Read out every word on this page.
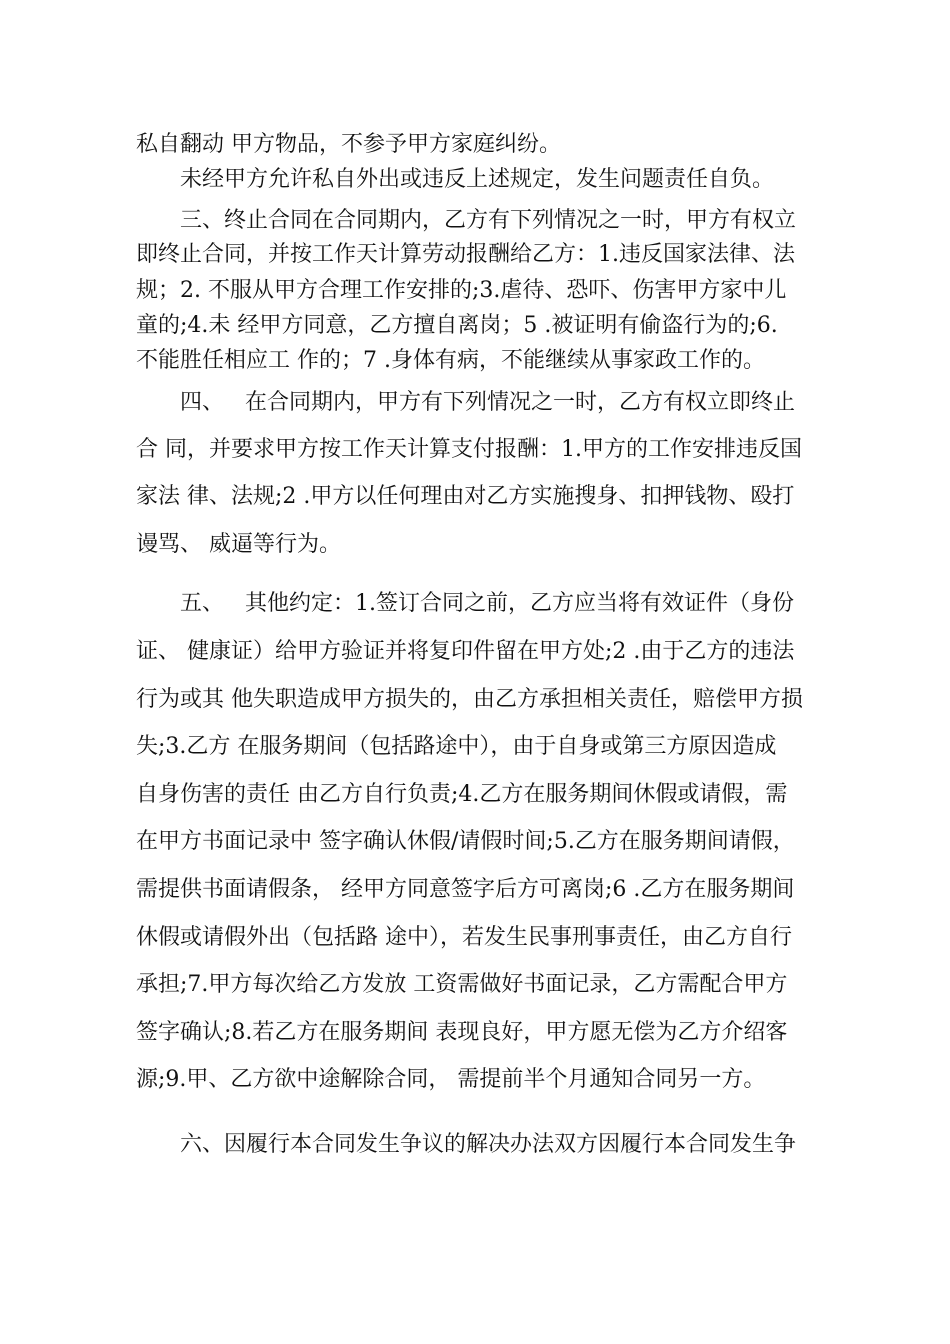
私自翻动 甲方物品，不参予甲方家庭纠纷。
未经甲方允许私自外出或违反上述规定，发生问题责任自负。
三、终止合同在合同期内，乙方有下列情况之一时，甲方有权立
即终止合同，并按工作天计算劳动报酬给乙方：1.违反国家法律、法
规；2. 不服从甲方合理工作安排的;3.虐待、恐吓、伤害甲方家中儿
童的;4.未 经甲方同意，乙方擅自离岗；5 .被证明有偷盗行为的;6.
不能胜任相应工 作的；7 .身体有病，不能继续从事家政工作的。
四、   在合同期内，甲方有下列情况之一时，乙方有权立即终止
合 同，并要求甲方按工作天计算支付报酬：1.甲方的工作安排违反国
家法 律、法规;2 .甲方以任何理由对乙方实施搜身、扣押钱物、殴打
谩骂、 威逼等行为。
五、   其他约定：1.签订合同之前，乙方应当将有效证件（身份
证、 健康证）给甲方验证并将复印件留在甲方处;2 .由于乙方的违法
行为或其 他失职造成甲方损失的，由乙方承担相关责任，赔偿甲方损
失;3.乙方 在服务期间（包括路途中），由于自身或第三方原因造成
自身伤害的责任 由乙方自行负责;4.乙方在服务期间休假或请假，需
在甲方书面记录中 签字确认休假/请假时间;5.乙方在服务期间请假，
需提供书面请假条， 经甲方同意签字后方可离岗;6 .乙方在服务期间
休假或请假外出（包括路 途中），若发生民事刑事责任，由乙方自行
承担;7.甲方每次给乙方发放 工资需做好书面记录，乙方需配合甲方
签字确认;8.若乙方在服务期间 表现良好，甲方愿无偿为乙方介绍客
源;9.甲、乙方欲中途解除合同， 需提前半个月通知合同另一方。
六、因履行本合同发生争议的解决办法双方因履行本合同发生争
